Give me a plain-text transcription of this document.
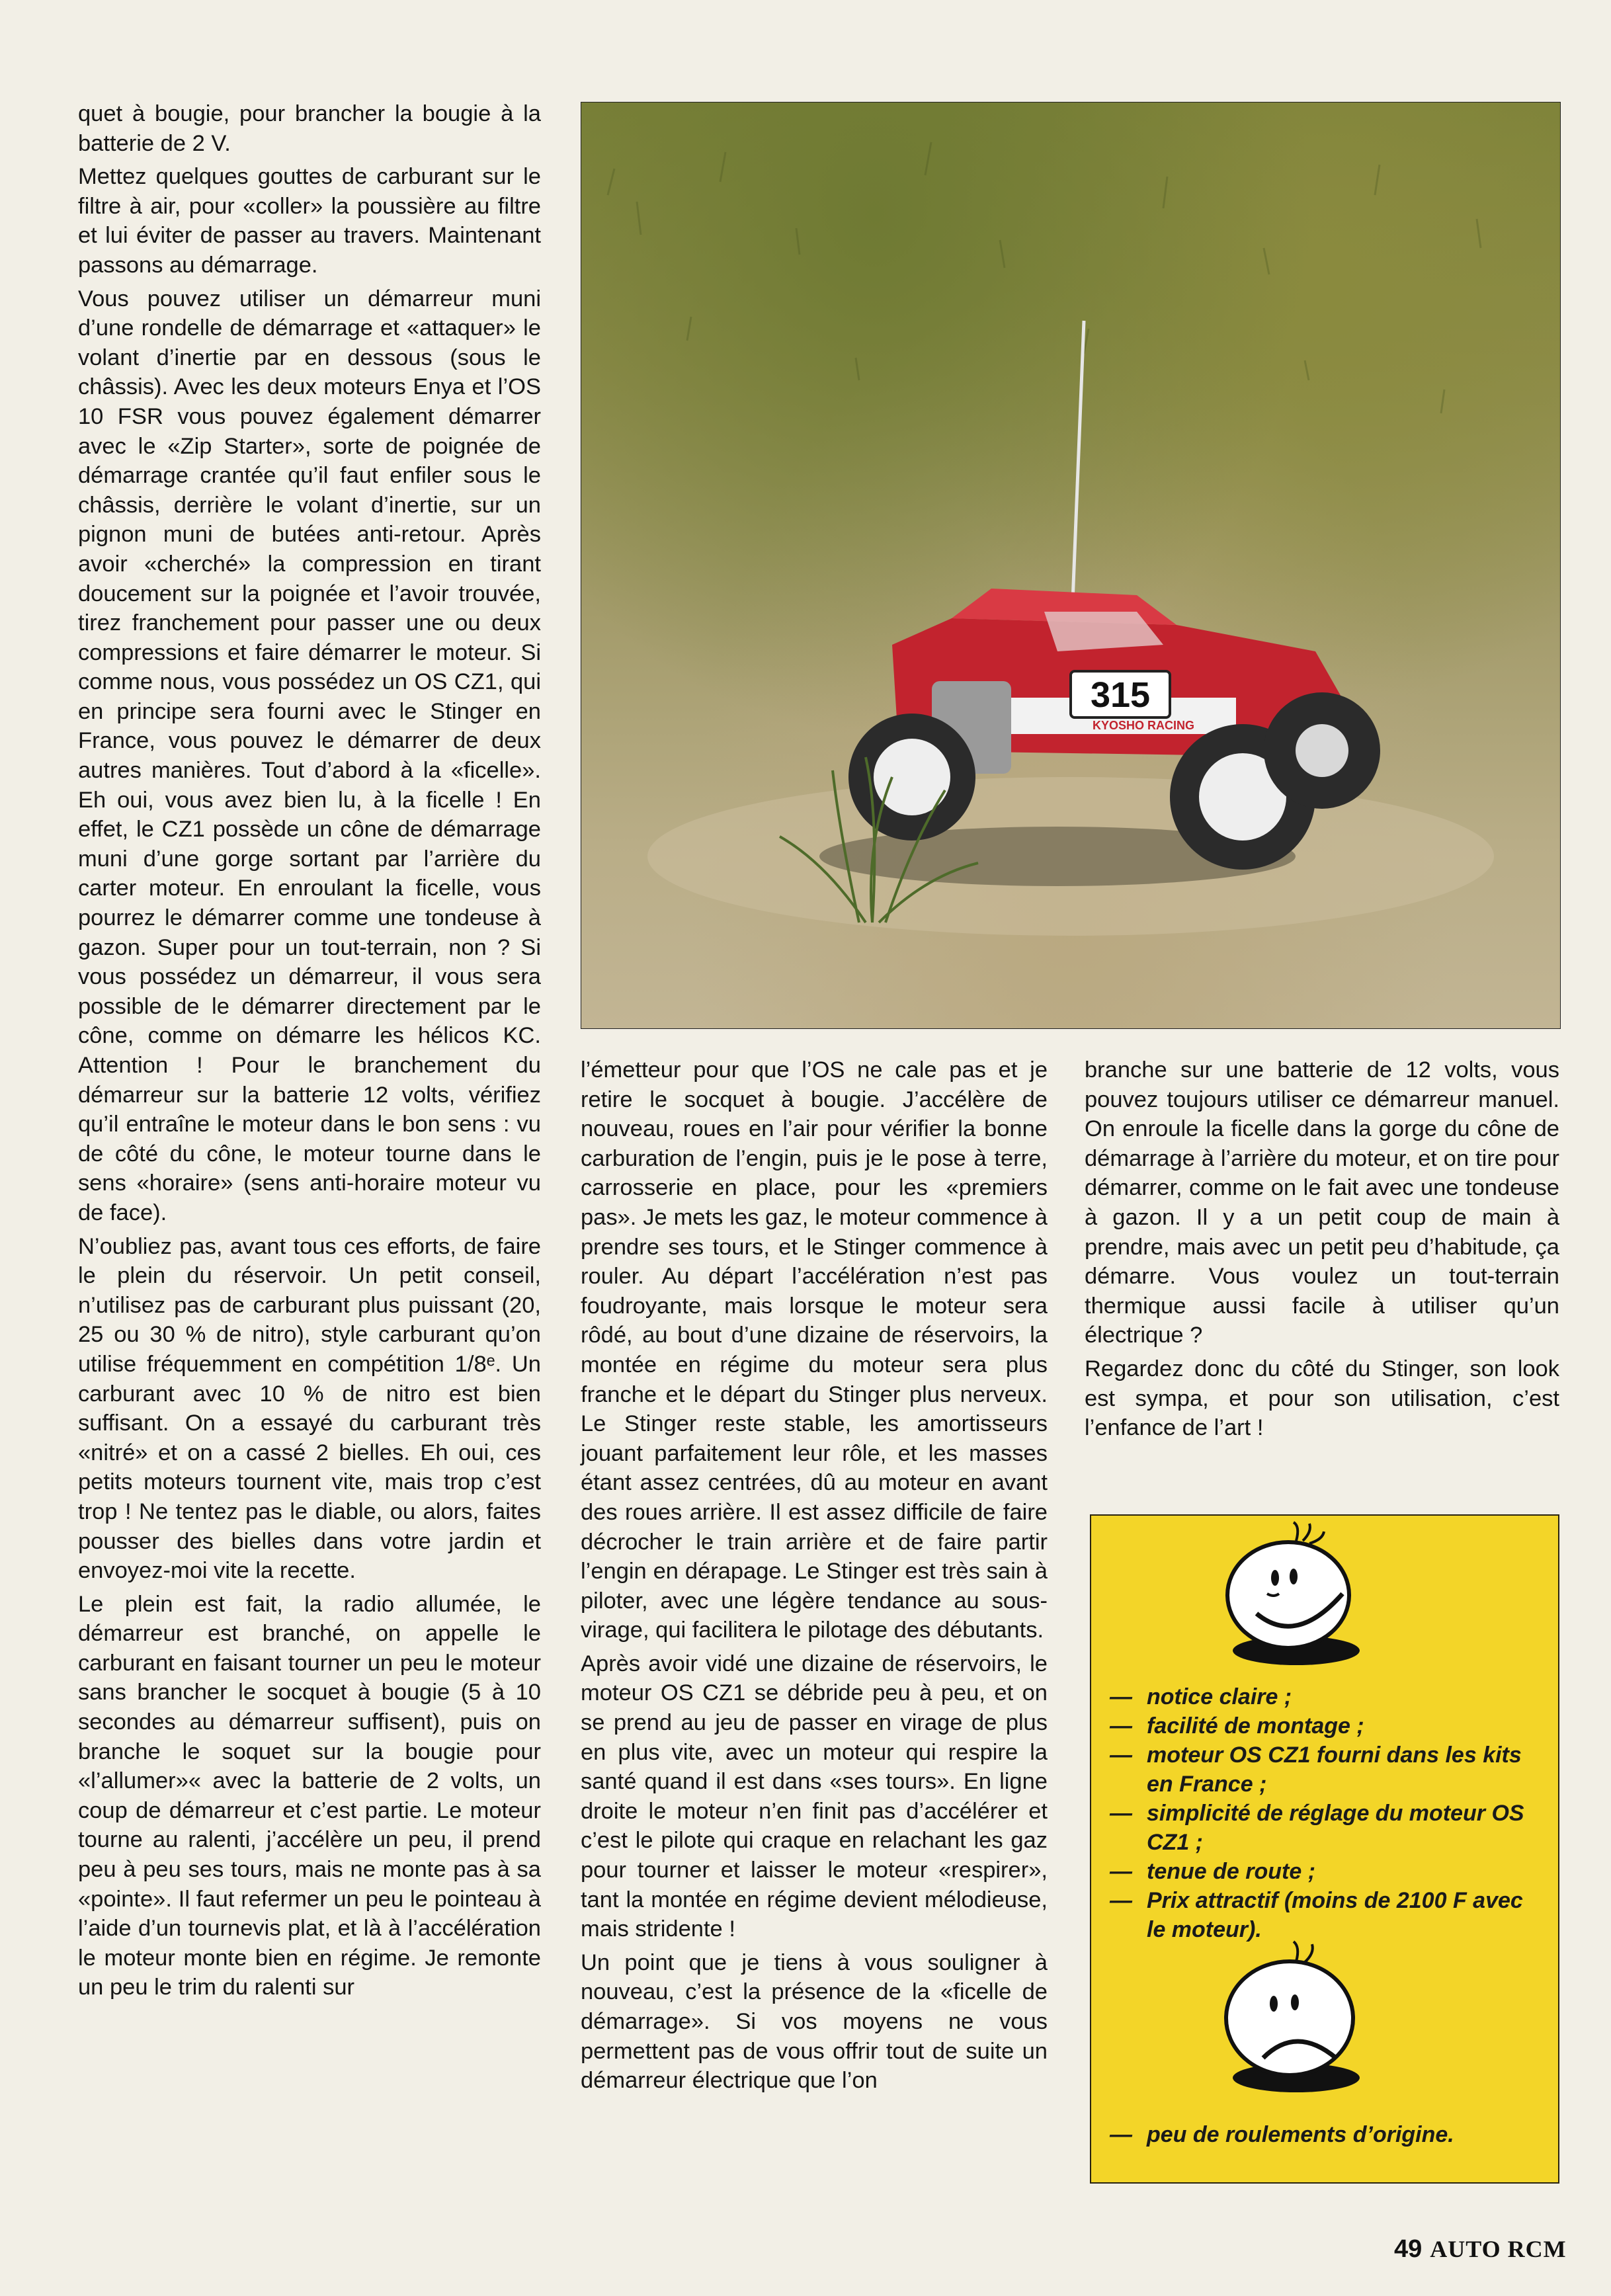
quet à bougie, pour brancher la bougie à la batterie de 2 V.

Mettez quelques gouttes de carburant sur le filtre à air, pour «coller» la poussière au filtre et lui éviter de passer au travers. Maintenant passons au démarrage.

Vous pouvez utiliser un démarreur muni d’une rondelle de démarrage et «attaquer» le volant d’inertie par en dessous (sous le châssis). Avec les deux moteurs Enya et l’OS 10 FSR vous pouvez également démarrer avec le «Zip Starter», sorte de poignée de démarrage crantée qu’il faut enfiler sous le châssis, derrière le volant d’inertie, sur un pignon muni de butées anti-retour. Après avoir «cherché» la compression en tirant doucement sur la poignée et l’avoir trouvée, tirez franchement pour passer une ou deux compressions et faire démarrer le moteur. Si comme nous, vous possédez un OS CZ1, qui en principe sera fourni avec le Stinger en France, vous pouvez le démarrer de deux autres manières. Tout d’abord à la «ficelle». Eh oui, vous avez bien lu, à la ficelle ! En effet, le CZ1 possède un cône de démarrage muni d’une gorge sortant par l’arrière du carter moteur. En enroulant la ficelle, vous pourrez le démarrer comme une tondeuse à gazon. Super pour un tout-terrain, non ? Si vous possédez un démarreur, il vous sera possible de le démarrer directement par le cône, comme on démarre les hélicos KC. Attention ! Pour le branchement du démarreur sur la batterie 12 volts, vérifiez qu’il entraîne le moteur dans le bon sens : vu de côté du cône, le moteur tourne dans le sens «horaire» (sens anti-horaire moteur vu de face).

N’oubliez pas, avant tous ces efforts, de faire le plein du réservoir. Un petit conseil, n’utilisez pas de carburant plus puissant (20, 25 ou 30 % de nitro), style carburant qu’on utilise fréquemment en compétition 1/8ᵉ. Un carburant avec 10 % de nitro est bien suffisant. On a essayé du carburant très «nitré» et on a cassé 2 bielles. Eh oui, ces petits moteurs tournent vite, mais trop c’est trop ! Ne tentez pas le diable, ou alors, faites pousser des bielles dans votre jardin et envoyez-moi vite la recette.

Le plein est fait, la radio allumée, le démarreur est branché, on appelle le carburant en faisant tourner un peu le moteur sans brancher le socquet à bougie (5 à 10 secondes au démarreur suffisent), puis on branche le soquet sur la bougie pour «l’allumer»« avec la batterie de 2 volts, un coup de démarreur et c’est partie. Le moteur tourne au ralenti, j’accélère un peu, il prend peu à peu ses tours, mais ne monte pas à sa «pointe». Il faut refermer un peu le pointeau à l’aide d’un tournevis plat, et là à l’accélération le moteur monte bien en régime. Je remonte un peu le trim du ralenti sur

315
KYOSHO RACING

l’émetteur pour que l’OS ne cale pas et je retire le socquet à bougie. J’accélère de nouveau, roues en l’air pour vérifier la bonne carburation de l’engin, puis je le pose à terre, carrosserie en place, pour les «premiers pas». Je mets les gaz, le moteur commence à prendre ses tours, et le Stinger commence à rouler. Au départ l’accélération n’est pas foudroyante, mais lorsque le moteur sera rôdé, au bout d’une dizaine de réservoirs, la montée en régime du moteur sera plus franche et le départ du Stinger plus nerveux. Le Stinger reste stable, les amortisseurs jouant parfaitement leur rôle, et les masses étant assez centrées, dû au moteur en avant des roues arrière. Il est assez difficile de faire décrocher le train arrière et de faire partir l’engin en dérapage. Le Stinger est très sain à piloter, avec une légère tendance au sous-virage, qui facilitera le pilotage des débutants.

Après avoir vidé une dizaine de réservoirs, le moteur OS CZ1 se débride peu à peu, et on se prend au jeu de passer en virage de plus en plus vite, avec un moteur qui respire la santé quand il est dans «ses tours». En ligne droite le moteur n’en finit pas d’accélérer et c’est le pilote qui craque en relachant les gaz pour tourner et laisser le moteur «respirer», tant la montée en régime devient mélodieuse, mais stridente !

Un point que je tiens à vous souligner à nouveau, c’est la présence de la «ficelle de démarrage». Si vos moyens ne vous permettent pas de vous offrir tout de suite un démarreur électrique que l’on

branche sur une batterie de 12 volts, vous pouvez toujours utiliser ce démarreur manuel. On enroule la ficelle dans la gorge du cône de démarrage à l’arrière du moteur, et on tire pour démarrer, comme on le fait avec une tondeuse à gazon. Il y a un petit coup de main à prendre, mais avec un petit peu d’habitude, ça démarre. Vous voulez un tout-terrain thermique aussi facile à utiliser qu’un électrique ?

Regardez donc du côté du Stinger, son look est sympa, et pour son utilisation, c’est l’enfance de l’art !

— notice claire ;
— facilité de montage ;
— moteur OS CZ1 fourni dans les kits en France ;
— simplicité de réglage du moteur OS CZ1 ;
— tenue de route ;
— Prix attractif (moins de 2100 F avec le moteur).
— peu de roulements d’origine.
49 AUTO RCM
